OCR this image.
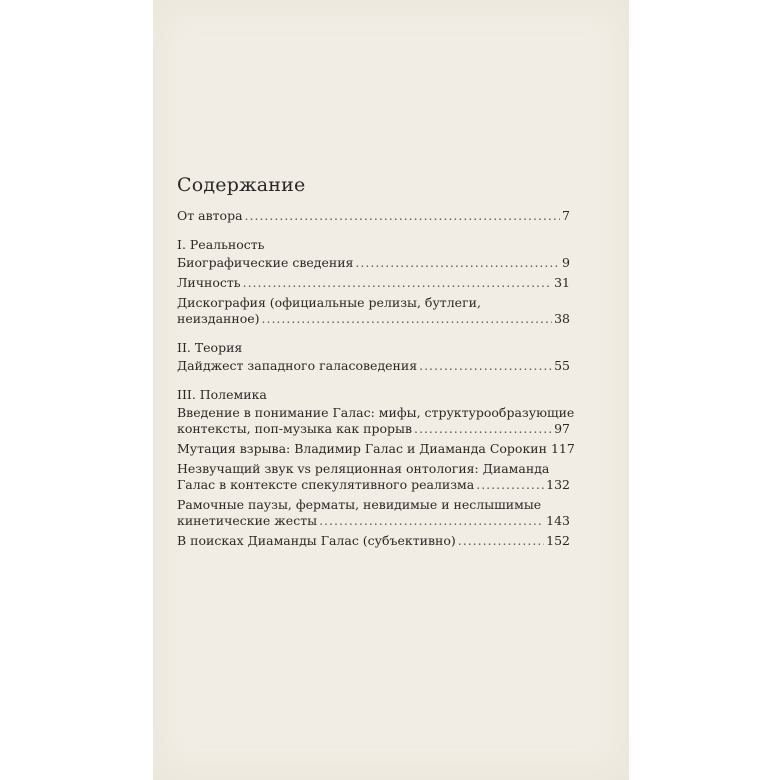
Содержание
От автора .....	7
I. Реальность
Биографические сведения .....	9
Личность .....	31
Дискография (официальные релизы, бутлеги,
неизданное) .....	38
II. Теория
Дайджест западного галасоведения .....	55
III. Полемика
Введение в понимание Галас: мифы, структурообразующие
контексты, поп-музыка как прорыв .....	97
Мутация взрыва: Владимир Галас и Диаманда Сорокин 117
Незвучащий звук vs реляционная онтология: Диаманда
Галас в контексте спекулятивного реализма .....	132
Рамочные паузы, ферматы, невидимые и неслышимые
кинетические жесты .....	143
В поисках Диаманды Галас (субъективно) .....	152
